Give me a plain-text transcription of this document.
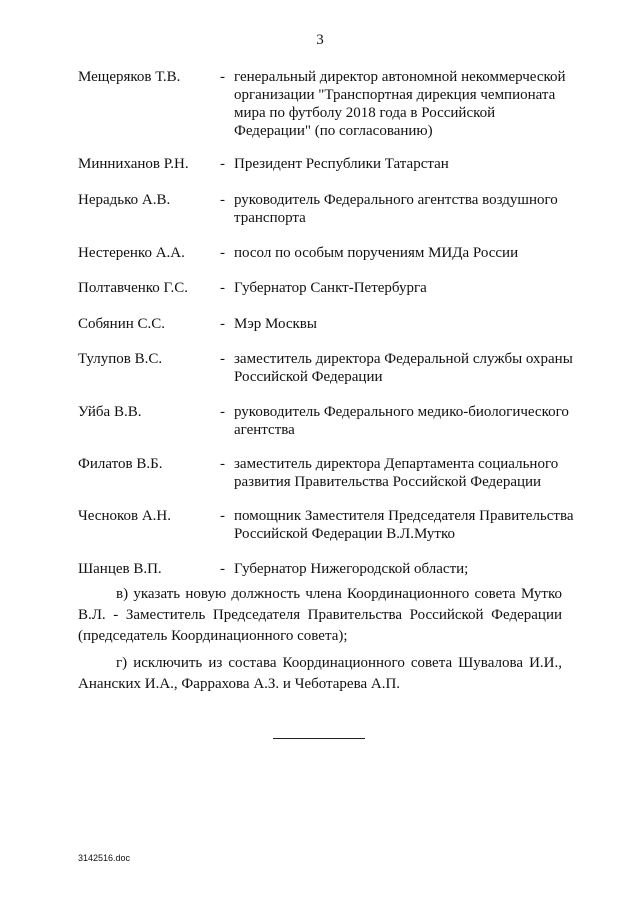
3
Мещеряков Т.В.	- генеральный директор автономной некоммерческой организации "Транспортная дирекция чемпионата мира по футболу 2018 года в Российской Федерации" (по согласованию)
Минниханов Р.Н.	- Президент Республики Татарстан
Нерадько А.В.	- руководитель Федерального агентства воздушного транспорта
Нестеренко А.А.	- посол по особым поручениям МИДа России
Полтавченко Г.С.	- Губернатор Санкт-Петербурга
Собянин С.С.	- Мэр Москвы
Тулупов В.С.	- заместитель директора Федеральной службы охраны Российской Федерации
Уйба В.В.	- руководитель Федерального медико-биологического агентства
Филатов В.Б.	- заместитель директора Департамента социального развития Правительства Российской Федерации
Чесноков А.Н.	- помощник Заместителя Председателя Правительства Российской Федерации В.Л.Мутко
Шанцев В.П.	- Губернатор Нижегородской области;

в) указать новую должность члена Координационного совета Мутко В.Л. - Заместитель Председателя Правительства Российской Федерации (председатель Координационного совета);

г) исключить из состава Координационного совета Шувалова И.И., Ананских И.А., Фаррахова А.З. и Чеботарева А.П.

3142516.doc
